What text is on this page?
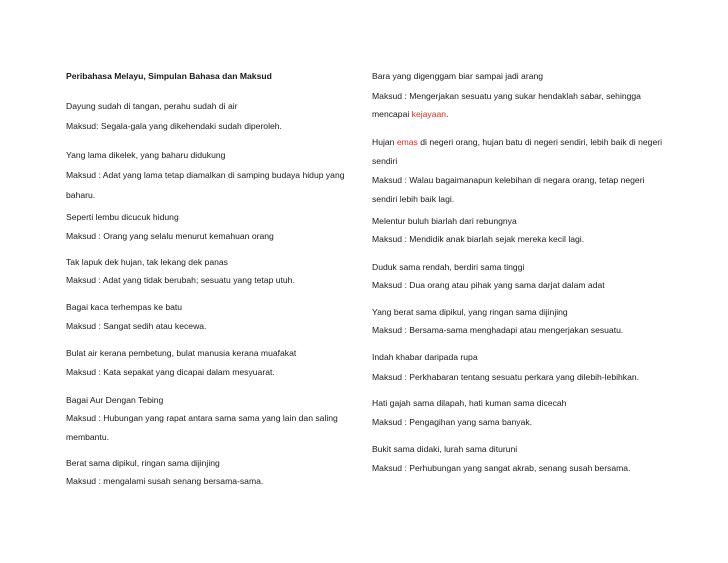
Peribahasa Melayu, Simpulan Bahasa dan Maksud
Dayung sudah di tangan, perahu sudah di air
Maksud: Segala-gala yang dikehendaki sudah diperoleh.
Yang lama dikelek, yang baharu didukung
Maksud : Adat yang lama tetap diamalkan di samping budaya hidup yang
baharu.
Seperti lembu dicucuk hidung
Maksud : Orang yang selalu menurut kemahuan orang
Tak lapuk dek hujan, tak lekang dek panas
Maksud : Adat yang tidak berubah; sesuatu yang tetap utuh.
Bagai kaca terhempas ke batu
Maksud : Sangat sedih atau kecewa.
Bulat air kerana pembetung, bulat manusia kerana muafakat
Maksud : Kata sepakat yang dicapai dalam mesyuarat.
Bagai Aur Dengan Tebing
Maksud : Hubungan yang rapat antara sama sama yang lain dan saling
membantu.
Berat sama dipikul, ringan sama dijinjing
Maksud : mengalami susah senang bersama-sama.
Bara yang digenggam biar sampai jadi arang
Maksud : Mengerjakan sesuatu yang sukar hendaklah sabar, sehingga
mencapai kejayaan.
Hujan emas di negeri orang, hujan batu di negeri sendiri, lebih baik di negeri
sendiri
Maksud : Walau bagaimanapun kelebihan di negara orang, tetap negeri
sendiri lebih baik lagi.
Melentur buluh biarlah dari rebungnya
Maksud : Mendidik anak biarlah sejak mereka kecil lagi.
Duduk sama rendah, berdiri sama tinggi
Maksud : Dua orang atau pihak yang sama darjat dalam adat
Yang berat sama dipikul, yang ringan sama dijinjing
Maksud : Bersama-sama menghadapi atau mengerjakan sesuatu.
Indah khabar daripada rupa
Maksud : Perkhabaran tentang sesuatu perkara yang dilebih-lebihkan.
Hati gajah sama dilapah, hati kuman sama dicecah
Maksud : Pengagihan yang sama banyak.
Bukit sama didaki, lurah sama dituruni
Maksud : Perhubungan yang sangat akrab, senang susah bersama.
